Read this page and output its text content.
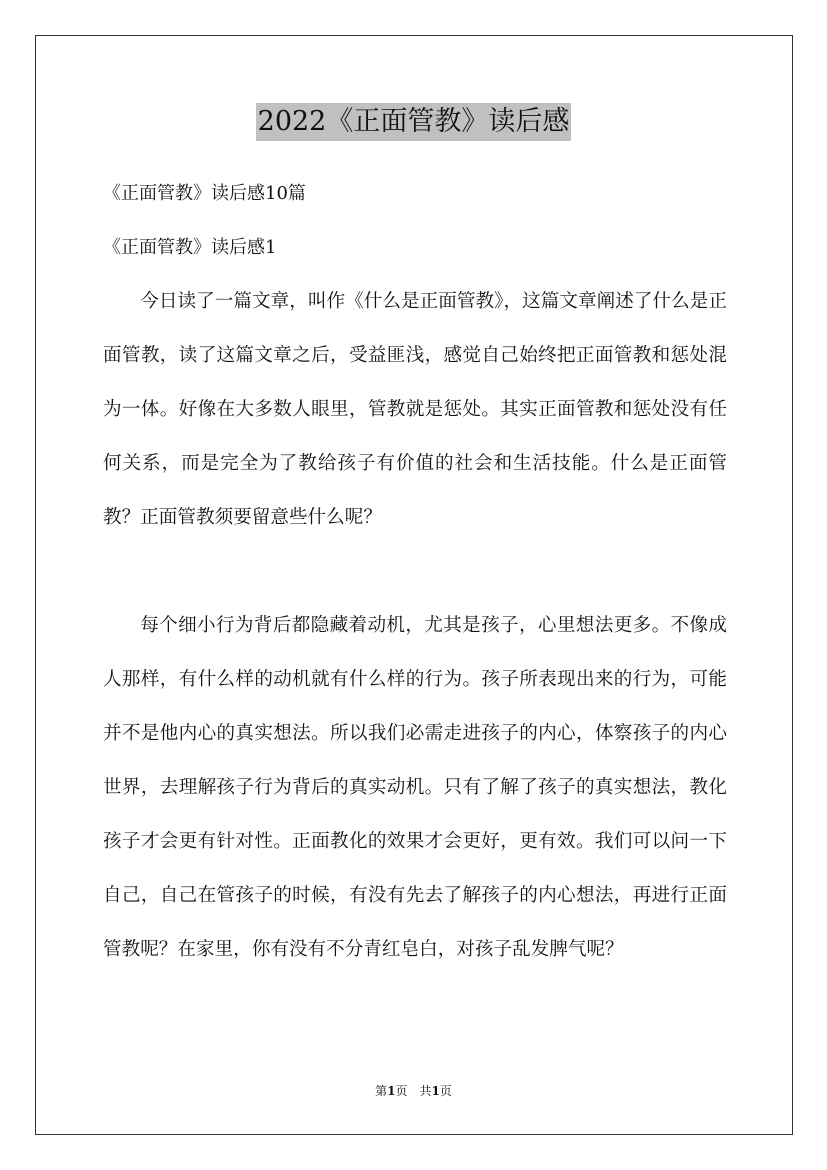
2022《正面管教》读后感
《正面管教》读后感10篇
《正面管教》读后感1

今日读了一篇文章，叫作《什么是正面管教》，这篇文章阐述了什么是正面管教，读了这篇文章之后，受益匪浅，感觉自己始终把正面管教和惩处混为一体。好像在大多数人眼里，管教就是惩处。其实正面管教和惩处没有任何关系，而是完全为了教给孩子有价值的社会和生活技能。什么是正面管教？正面管教须要留意些什么呢？

每个细小行为背后都隐藏着动机，尤其是孩子，心里想法更多。不像成人那样，有什么样的动机就有什么样的行为。孩子所表现出来的行为，可能并不是他内心的真实想法。所以我们必需走进孩子的内心，体察孩子的内心世界，去理解孩子行为背后的真实动机。只有了解了孩子的真实想法，教化孩子才会更有针对性。正面教化的效果才会更好，更有效。我们可以问一下自己，自己在管孩子的时候，有没有先去了解孩子的内心想法，再进行正面管教呢？在家里，你有没有不分青红皂白，对孩子乱发脾气呢？

第1页　共1页
